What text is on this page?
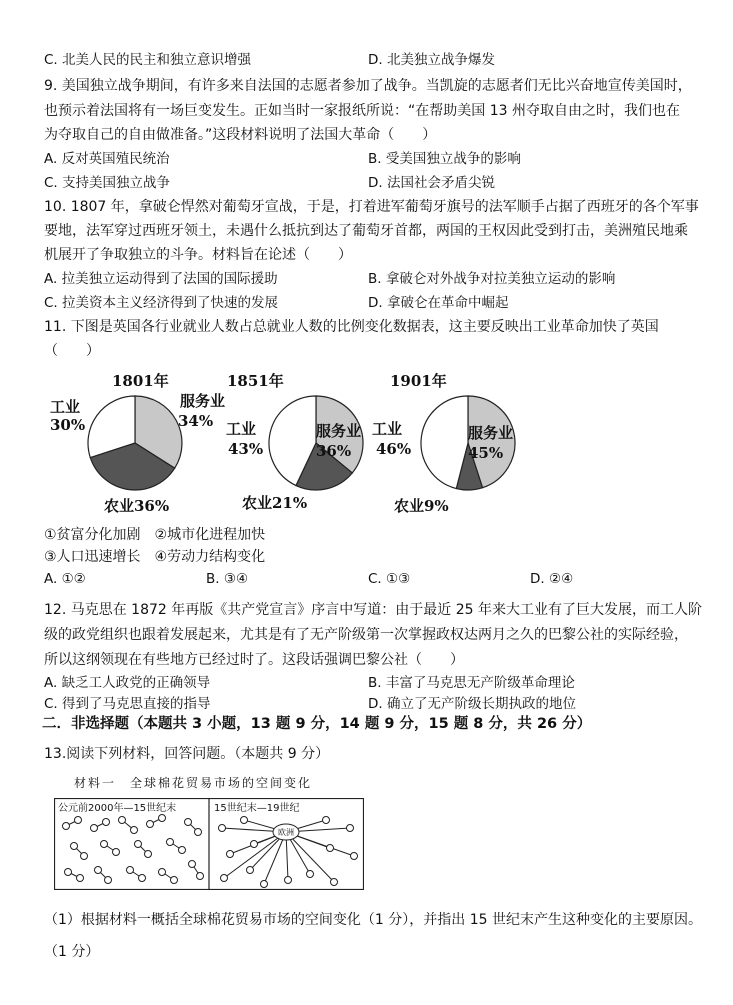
C. 北美人民的民主和独立意识增强	D. 北美独立战争爆发
9. 美国独立战争期间，有许多来自法国的志愿者参加了战争。当凯旋的志愿者们无比兴奋地宣传美国时，
也预示着法国将有一场巨变发生。正如当时一家报纸所说：“在帮助美国 13 州夺取自由之时，我们也在
为夺取自己的自由做准备。”这段材料说明了法国大革命（　　）
A. 反对英国殖民统治	B. 受美国独立战争的影响
C. 支持美国独立战争	D. 法国社会矛盾尖锐
10. 1807 年，拿破仑悍然对葡萄牙宣战，于是，打着进军葡萄牙旗号的法军顺手占据了西班牙的各个军事
要地，法军穿过西班牙领土，未遇什么抵抗到达了葡萄牙首都，两国的王权因此受到打击，美洲殖民地乘
机展开了争取独立的斗争。材料旨在论述（　　）
A. 拉美独立运动得到了法国的国际援助	B. 拿破仑对外战争对拉美独立运动的影响
C. 拉美资本主义经济得到了快速的发展	D. 拿破仑在革命中崛起
11. 下图是英国各行业就业人数占总就业人数的比例变化数据表，这主要反映出工业革命加快了英国
（　　）
1801年
工业
30%
服务业
34%
农业36%
1851年
工业
43%
服务业
36%
农业21%
1901年
工业
46%
服务业
45%
农业9%
①贫富分化加剧　②城市化进程加快
③人口迅速增长　④劳动力结构变化
A. ①②	B. ③④	C. ①③	D. ②④
12. 马克思在 1872 年再版《共产党宣言》序言中写道：由于最近 25 年来大工业有了巨大发展，而工人阶
级的政党组织也跟着发展起来，尤其是有了无产阶级第一次掌握政权达两月之久的巴黎公社的实际经验，
所以这纲领现在有些地方已经过时了。这段话强调巴黎公社（　　）
A. 缺乏工人政党的正确领导	B. 丰富了马克思无产阶级革命理论
C. 得到了马克思直接的指导	D. 确立了无产阶级长期执政的地位
二．非选择题（本题共 3 小题，13 题 9 分，14 题 9 分，15 题 8 分，共 26 分）
13.阅读下列材料，回答问题。（本题共 9 分）
材料一　全球棉花贸易市场的空间变化
公元前2000年—15世纪末	15世纪末—19世纪
欧洲
（1）根据材料一概括全球棉花贸易市场的空间变化（1 分），并指出 15 世纪末产生这种变化的主要原因。
（1 分）
